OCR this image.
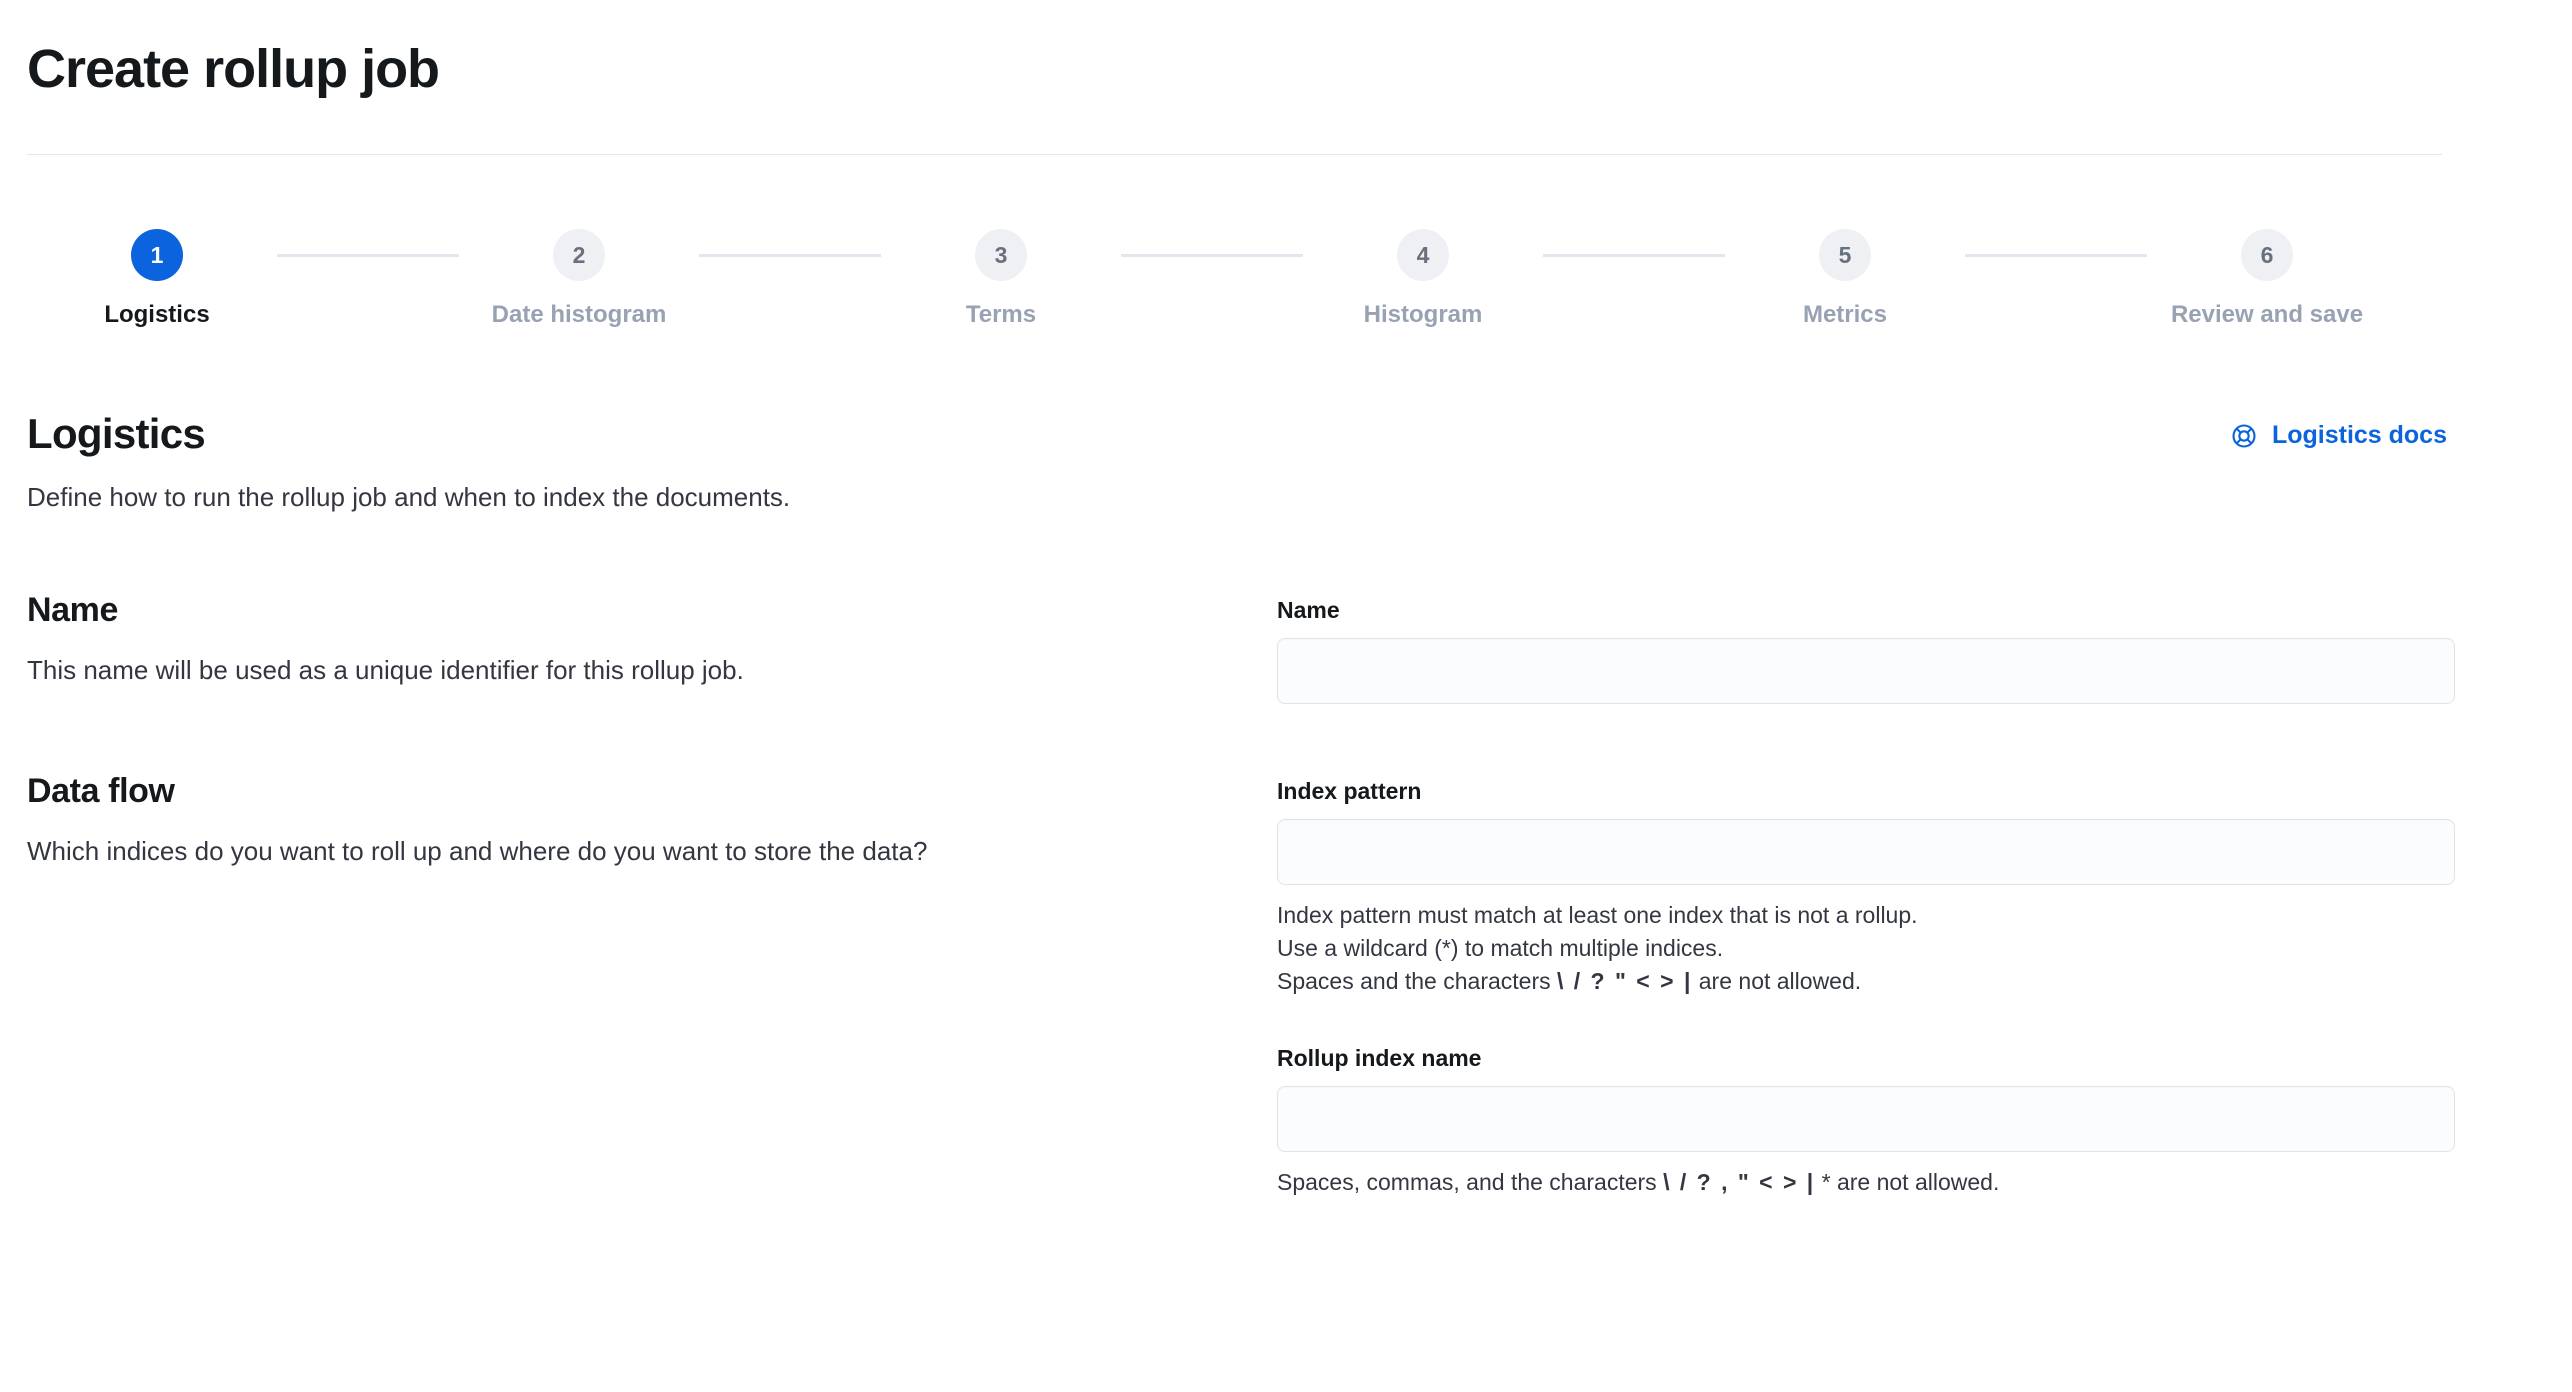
Create rollup job
1
Logistics
2
Date histogram
3
Terms
4
Histogram
5
Metrics
6
Review and save
Logistics
Define how to run the rollup job and when to index the documents.
Logistics docs
Name
This name will be used as a unique identifier for this rollup job.
Name
Data flow
Which indices do you want to roll up and where do you want to store the data?
Index pattern
Index pattern must match at least one index that is not a rollup.
Use a wildcard (*) to match multiple indices.
Spaces and the characters \ / ? " < > | are not allowed.
Rollup index name
Spaces, commas, and the characters \ / ? , " < > | * are not allowed.
